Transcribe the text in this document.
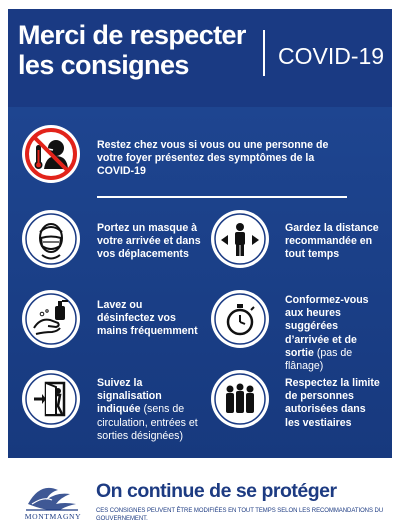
Merci de respecter
les consignes	COVID-19
Restez chez vous si vous ou une personne de votre foyer présentez des symptômes de la COVID-19
Portez un masque à votre arrivée et dans vos déplacements
Gardez la distance recommandée en tout temps
Lavez ou désinfectez vos mains fréquemment
Conformez-vous aux heures suggérées d’arrivée et de sortie (pas de flânage)
Suivez la signalisation indiquée (sens de circulation, entrées et sorties désignées)
Respectez la limite de personnes autorisées dans les vestiaires
MONTMAGNY
On continue de se protéger
CES CONSIGNES PEUVENT ÊTRE MODIFIÉES EN TOUT TEMPS SELON LES RECOMMANDATIONS DU GOUVERNEMENT.
